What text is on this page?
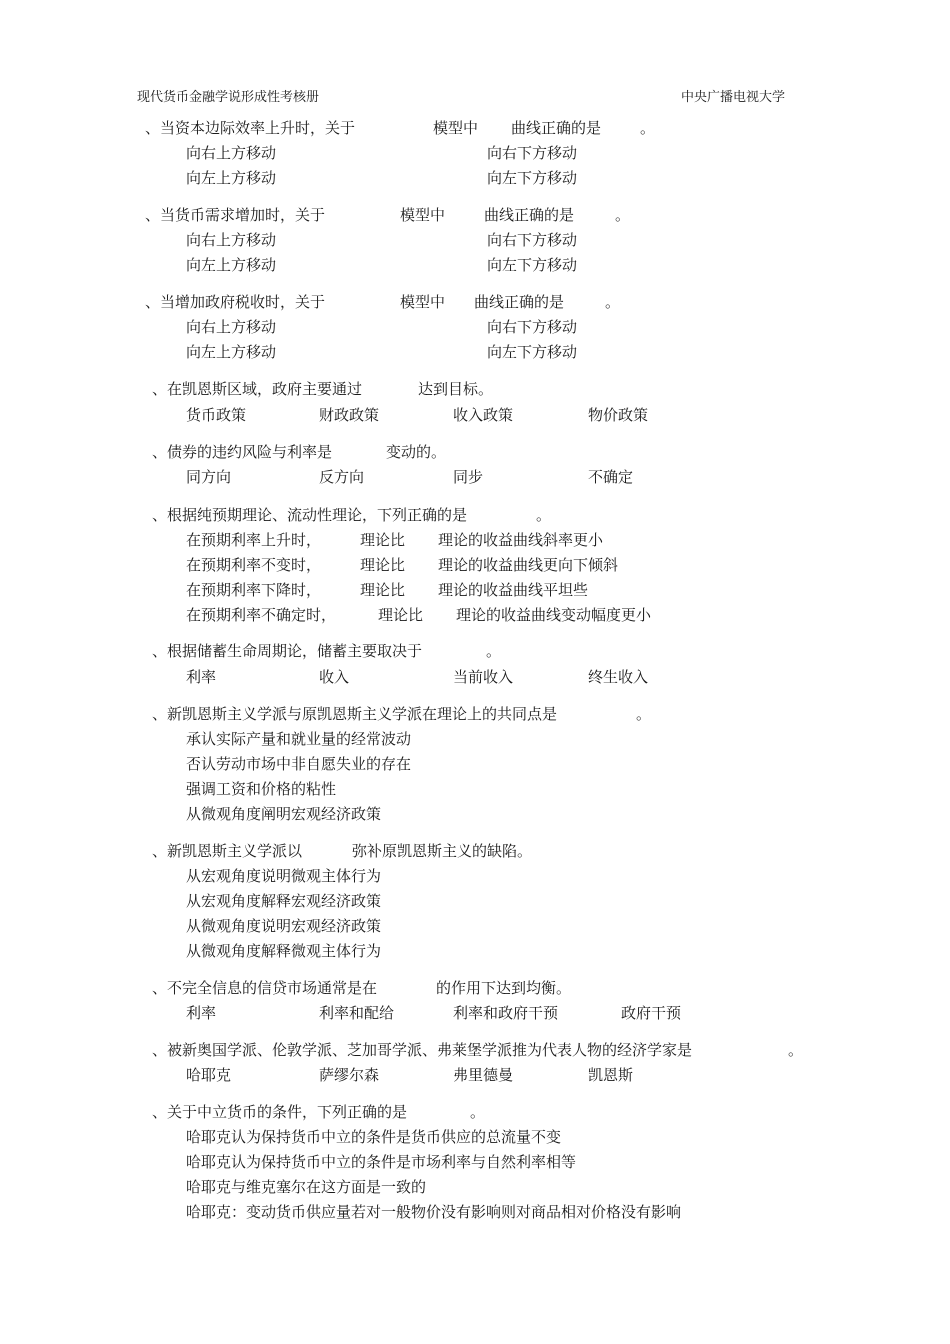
现代货币金融学说形成性考核册	中央广播电视大学
、当资本边际效率上升时，关于	模型中 曲线正确的是	。
向右上方移动	向右下方移动
向左上方移动	向左下方移动
、当货币需求增加时，关于	模型中	曲线正确的是	。
向右上方移动	向右下方移动
向左上方移动	向左下方移动
、当增加政府税收时，关于	模型中 曲线正确的是	。
向右上方移动	向右下方移动
向左上方移动	向左下方移动
、在凯恩斯区域，政府主要通过	达到目标。
货币政策	财政政策	收入政策	物价政策
、债券的违约风险与利率是	变动的。
同方向	反方向	同步	不确定
、根据纯预期理论、流动性理论，下列正确的是	。
在预期利率上升时，	理论比 理论的收益曲线斜率更小
在预期利率不变时，	理论比 理论的收益曲线更向下倾斜
在预期利率下降时，	理论比 理论的收益曲线平坦些
在预期利率不确定时，	理论比 理论的收益曲线变动幅度更小
、根据储蓄生命周期论，储蓄主要取决于	。
利率	收入	当前收入	终生收入
、新凯恩斯主义学派与原凯恩斯主义学派在理论上的共同点是	。
承认实际产量和就业量的经常波动
否认劳动市场中非自愿失业的存在
强调工资和价格的粘性
从微观角度阐明宏观经济政策
、新凯恩斯主义学派以	弥补原凯恩斯主义的缺陷。
从宏观角度说明微观主体行为
从宏观角度解释宏观经济政策
从微观角度说明宏观经济政策
从微观角度解释微观主体行为
、不完全信息的信贷市场通常是在	的作用下达到均衡。
利率	利率和配给	利率和政府干预	政府干预
、被新奥国学派、伦敦学派、芝加哥学派、弗莱堡学派推为代表人物的经济学家是	。
哈耶克	萨缪尔森	弗里德曼	凯恩斯
、关于中立货币的条件，下列正确的是	。
哈耶克认为保持货币中立的条件是货币供应的总流量不变
哈耶克认为保持货币中立的条件是市场利率与自然利率相等
哈耶克与维克塞尔在这方面是一致的
哈耶克：变动货币供应量若对一般物价没有影响则对商品相对价格没有影响
